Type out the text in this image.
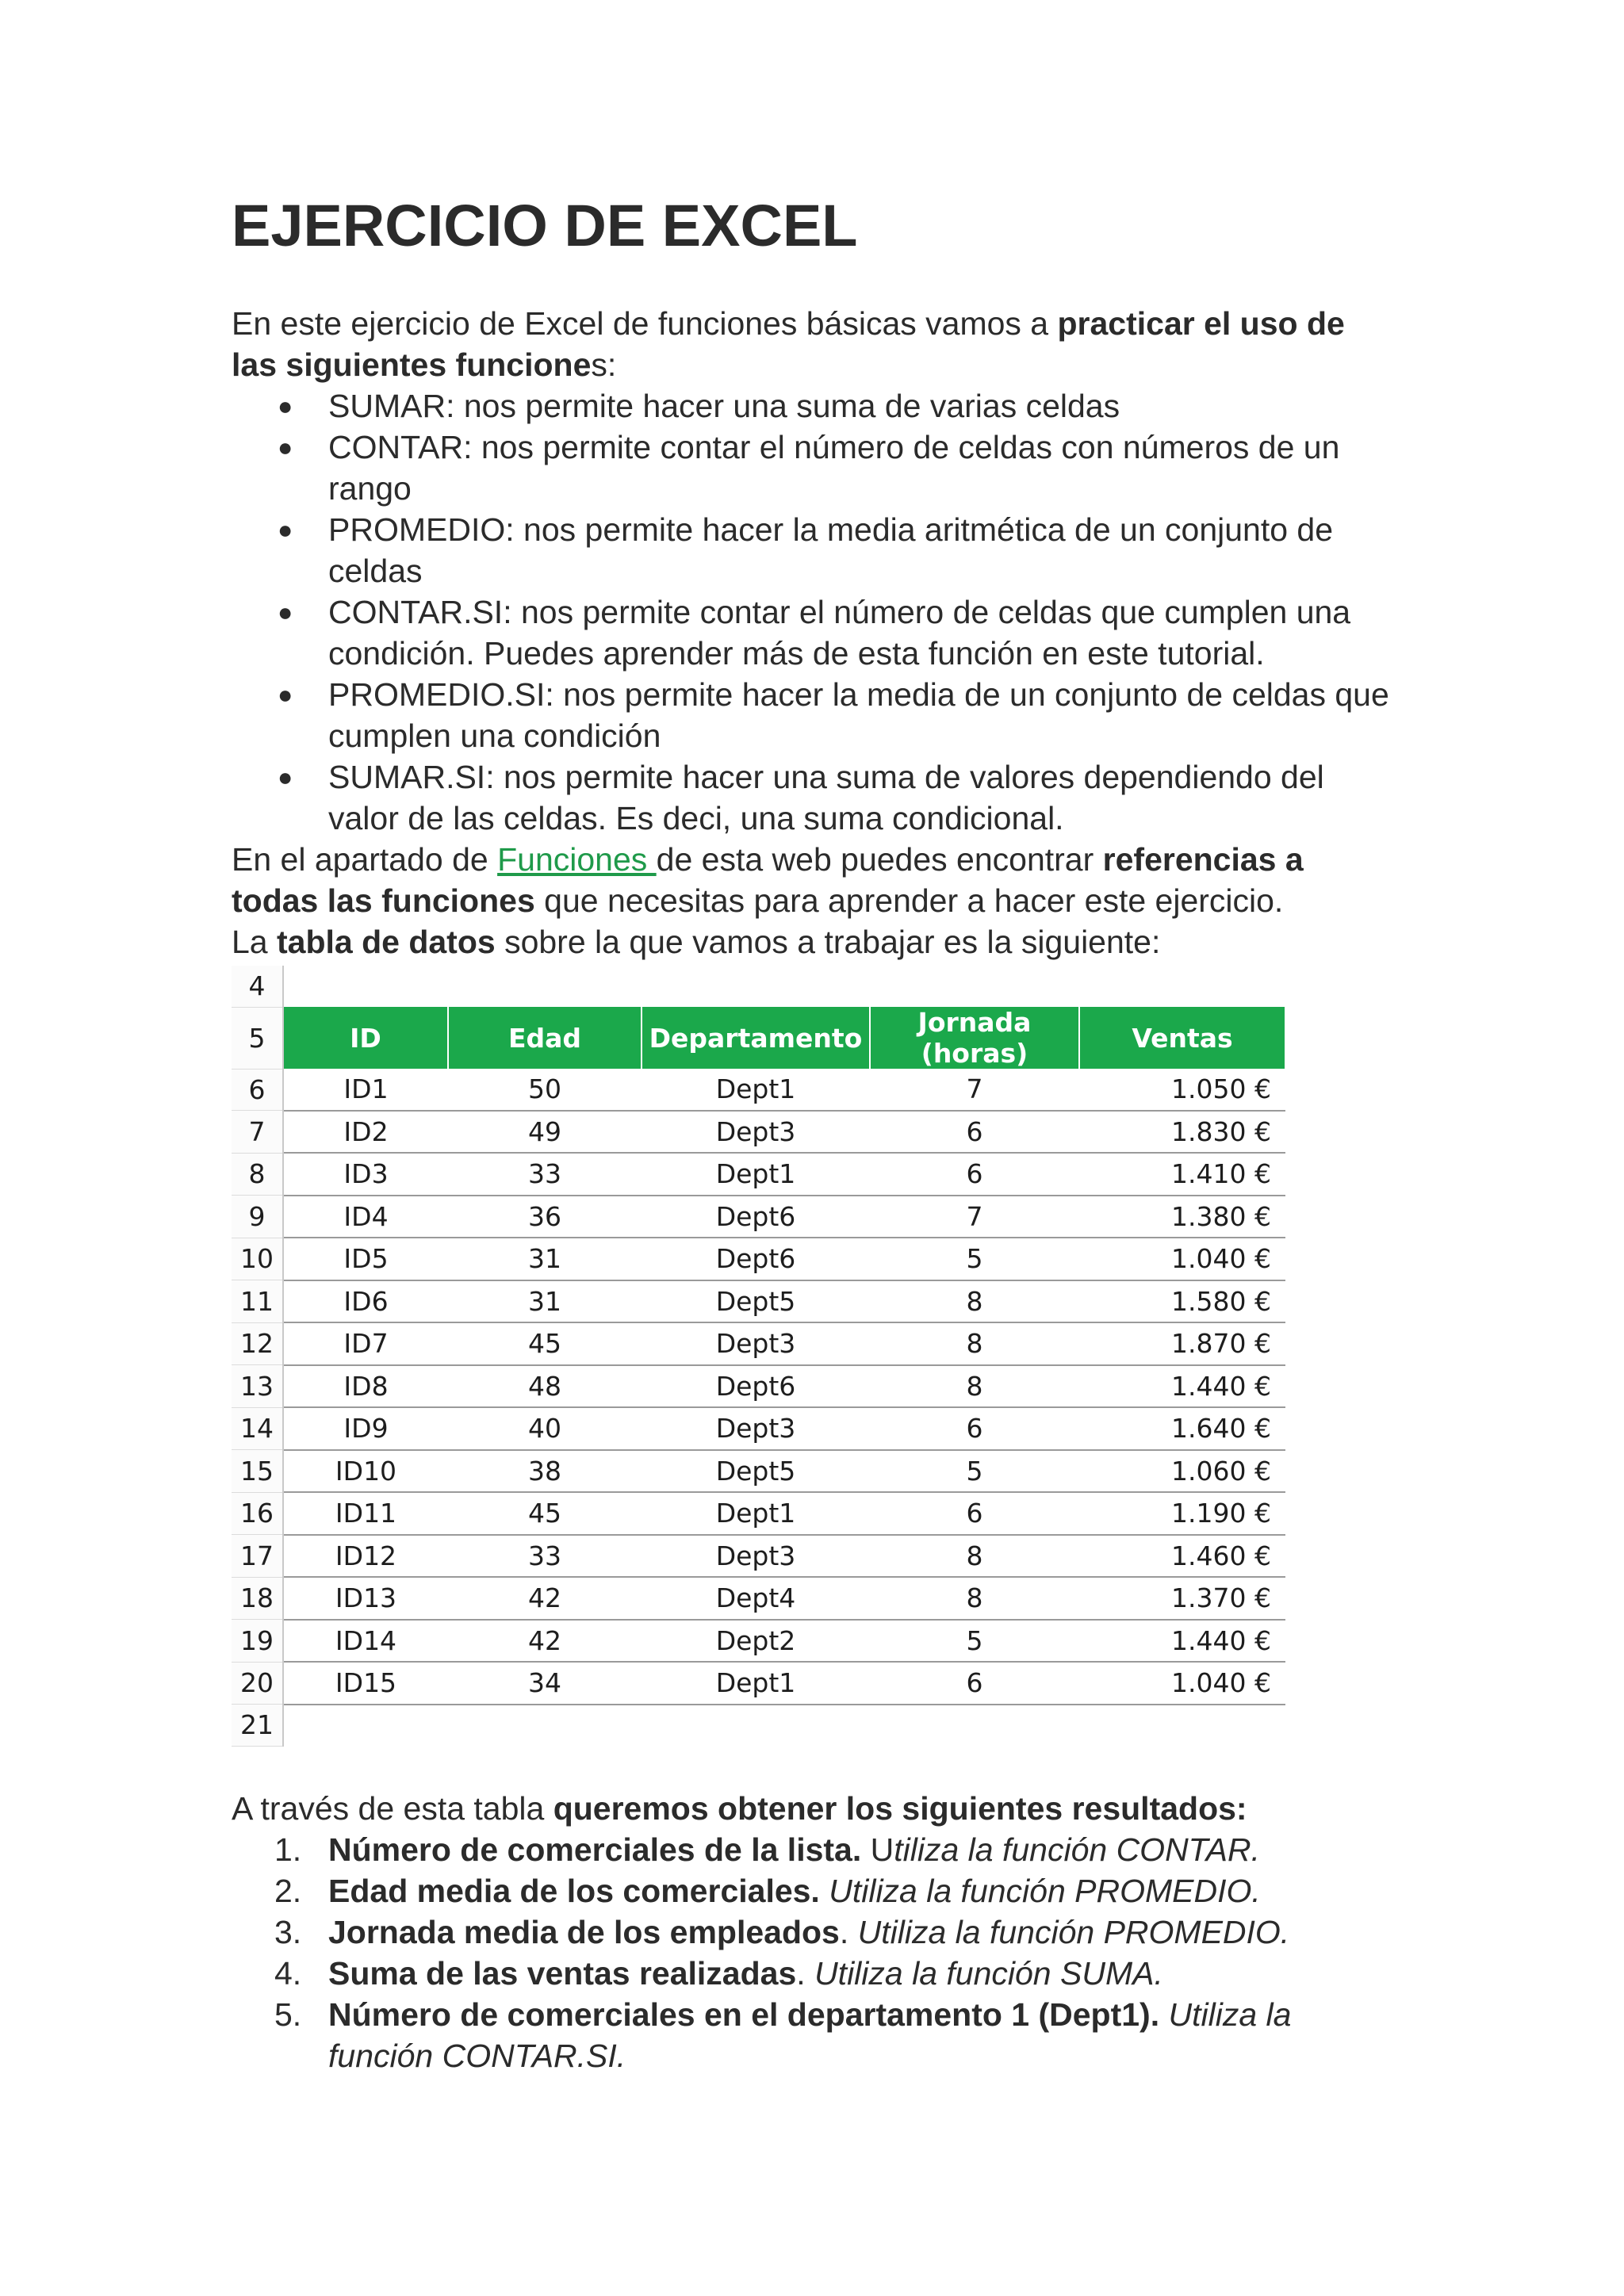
EJERCICIO DE EXCEL

En este ejercicio de Excel de funciones básicas vamos a practicar el uso de las siguientes funciones:

● SUMAR: nos permite hacer una suma de varias celdas
● CONTAR: nos permite contar el número de celdas con números de un rango
● PROMEDIO: nos permite hacer la media aritmética de un conjunto de celdas
● CONTAR.SI: nos permite contar el número de celdas que cumplen una condición. Puedes aprender más de esta función en este tutorial.
● PROMEDIO.SI: nos permite hacer la media de un conjunto de celdas que cumplen una condición
● SUMAR.SI: nos permite hacer una suma de valores dependiendo del valor de las celdas. Es deci, una suma condicional.

En el apartado de Funciones de esta web puedes encontrar referencias a todas las funciones que necesitas para aprender a hacer este ejercicio.

La tabla de datos sobre la que vamos a trabajar es la siguiente:

4					
5	ID	Edad	Departamento	Jornada (horas)	Ventas
6	ID1	50	Dept1	7	1.050 €
7	ID2	49	Dept3	6	1.830 €
8	ID3	33	Dept1	6	1.410 €
9	ID4	36	Dept6	7	1.380 €
10	ID5	31	Dept6	5	1.040 €
11	ID6	31	Dept5	8	1.580 €
12	ID7	45	Dept3	8	1.870 €
13	ID8	48	Dept6	8	1.440 €
14	ID9	40	Dept3	6	1.640 €
15	ID10	38	Dept5	5	1.060 €
16	ID11	45	Dept1	6	1.190 €
17	ID12	33	Dept3	8	1.460 €
18	ID13	42	Dept4	8	1.370 €
19	ID14	42	Dept2	5	1.440 €
20	ID15	34	Dept1	6	1.040 €
21					

A través de esta tabla queremos obtener los siguientes resultados:

1. Número de comerciales de la lista. Utiliza la función CONTAR.
2. Edad media de los comerciales. Utiliza la función PROMEDIO.
3. Jornada media de los empleados. Utiliza la función PROMEDIO.
4. Suma de las ventas realizadas. Utiliza la función SUMA.
5. Número de comerciales en el departamento 1 (Dept1). Utiliza la función CONTAR.SI.
